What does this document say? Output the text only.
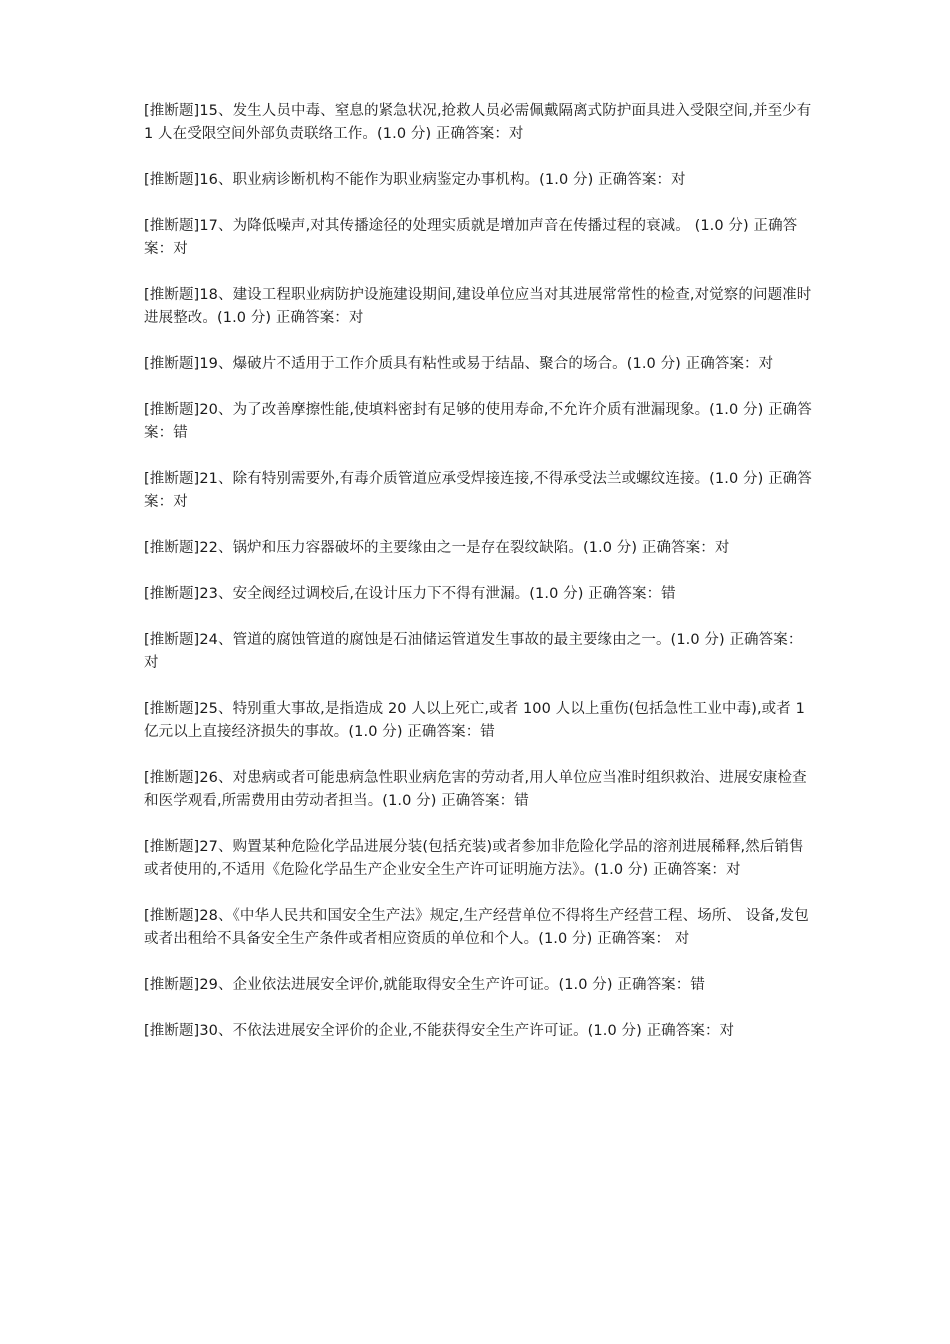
[推断题]15、发生人员中毒、窒息的紧急状况,抢救人员必需佩戴隔离式防护面具进入受限空间,并至少有 1 人在受限空间外部负责联络工作。(1.0 分) 正确答案：对

[推断题]16、职业病诊断机构不能作为职业病鉴定办事机构。(1.0 分) 正确答案：对

[推断题]17、为降低噪声,对其传播途径的处理实质就是增加声音在传播过程的衰减。 (1.0 分) 正确答案：对

[推断题]18、建设工程职业病防护设施建设期间,建设单位应当对其进展常常性的检查,对觉察的问题准时进展整改。(1.0 分) 正确答案：对

[推断题]19、爆破片不适用于工作介质具有粘性或易于结晶、聚合的场合。(1.0 分) 正确答案：对

[推断题]20、为了改善摩擦性能,使填料密封有足够的使用寿命,不允许介质有泄漏现象。(1.0 分) 正确答案：错

[推断题]21、除有特别需要外,有毒介质管道应承受焊接连接,不得承受法兰或螺纹连接。(1.0 分) 正确答案：对

[推断题]22、锅炉和压力容器破坏的主要缘由之一是存在裂纹缺陷。(1.0 分) 正确答案：对

[推断题]23、安全阀经过调校后,在设计压力下不得有泄漏。(1.0 分) 正确答案：错

[推断题]24、管道的腐蚀管道的腐蚀是石油储运管道发生事故的最主要缘由之一。(1.0 分) 正确答案：对

[推断题]25、特别重大事故,是指造成 20 人以上死亡,或者 100 人以上重伤(包括急性工业中毒),或者 1 亿元以上直接经济损失的事故。(1.0 分) 正确答案：错

[推断题]26、对患病或者可能患病急性职业病危害的劳动者,用人单位应当准时组织救治、进展安康检查和医学观看,所需费用由劳动者担当。(1.0 分) 正确答案：错

[推断题]27、购置某种危险化学品进展分装(包括充装)或者参加非危险化学品的溶剂进展稀释,然后销售或者使用的,不适用《危险化学品生产企业安全生产许可证明施方法》。(1.0 分) 正确答案：对

[推断题]28、《中华人民共和国安全生产法》规定,生产经营单位不得将生产经营工程、场所、 设备,发包或者出租给不具备安全生产条件或者相应资质的单位和个人。(1.0 分) 正确答案： 对

[推断题]29、企业依法进展安全评价,就能取得安全生产许可证。(1.0 分) 正确答案：错

[推断题]30、不依法进展安全评价的企业,不能获得安全生产许可证。(1.0 分) 正确答案：对
